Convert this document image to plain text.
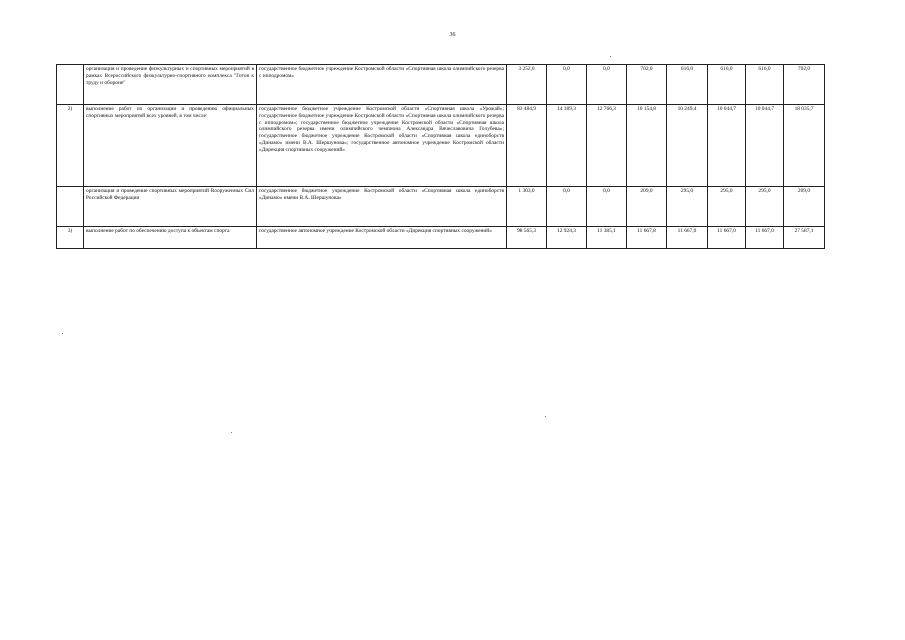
36
	организация и проведение физкультурных и спортивных мероприятий в рамках Всероссийского физкультурно-спортивного комплекса "Готов к труду и обороне"	государственное бюджетное учреждение Костромской области «Спортивная школа олимпийского резерва с ипподромом»	3 252,0	0,0	0,0	702,0	616,0	616,0	616,0	702,0
2)	выполнение работ по организации и проведению официальных спортивных мероприятий всех уровней, в том числе:	государственное бюджетное учреждение Костромской области «Спортивная школа «Урожай»; государственное бюджетное учреждение Костромской области «Спортивная школа олимпийского резерва с ипподромом»; государственное бюджетное учреждение Костромской области «Спортивная школа олимпийского резерва имени олимпийского чемпиона Александра Вячеславовича Голубева»; государственное бюджетное учреждение Костромской области «Спортивная школа единоборств «Динамо» имени В.А. Шершунова»; государственное автономное учреждение Костромской области «Дирекция спортивных сооружений»	83 484,9	14 189,3	12 766,3	10 154,8	10 249,4	10 044,7	10 044,7	18 035,7
	организация и проведение спортивных мероприятий Вооруженных Сил Российской Федерации	государственное бюджетное учреждение Костромской области «Спортивная школа единоборств «Динамо» имени В.А. Шершунова»	1 303,0	0,0	0,0	209,0	295,0	295,0	295,0	209,0
3)	выполнение работ по обеспечению доступа к объектам спорта	государственное автономное учреждение Костромской области «Дирекция спортивных сооружений»	98 565,3	12 924,3	11 385,1	11 667,8	11 667,0	11 667,0	11 667,0	27 587,1
